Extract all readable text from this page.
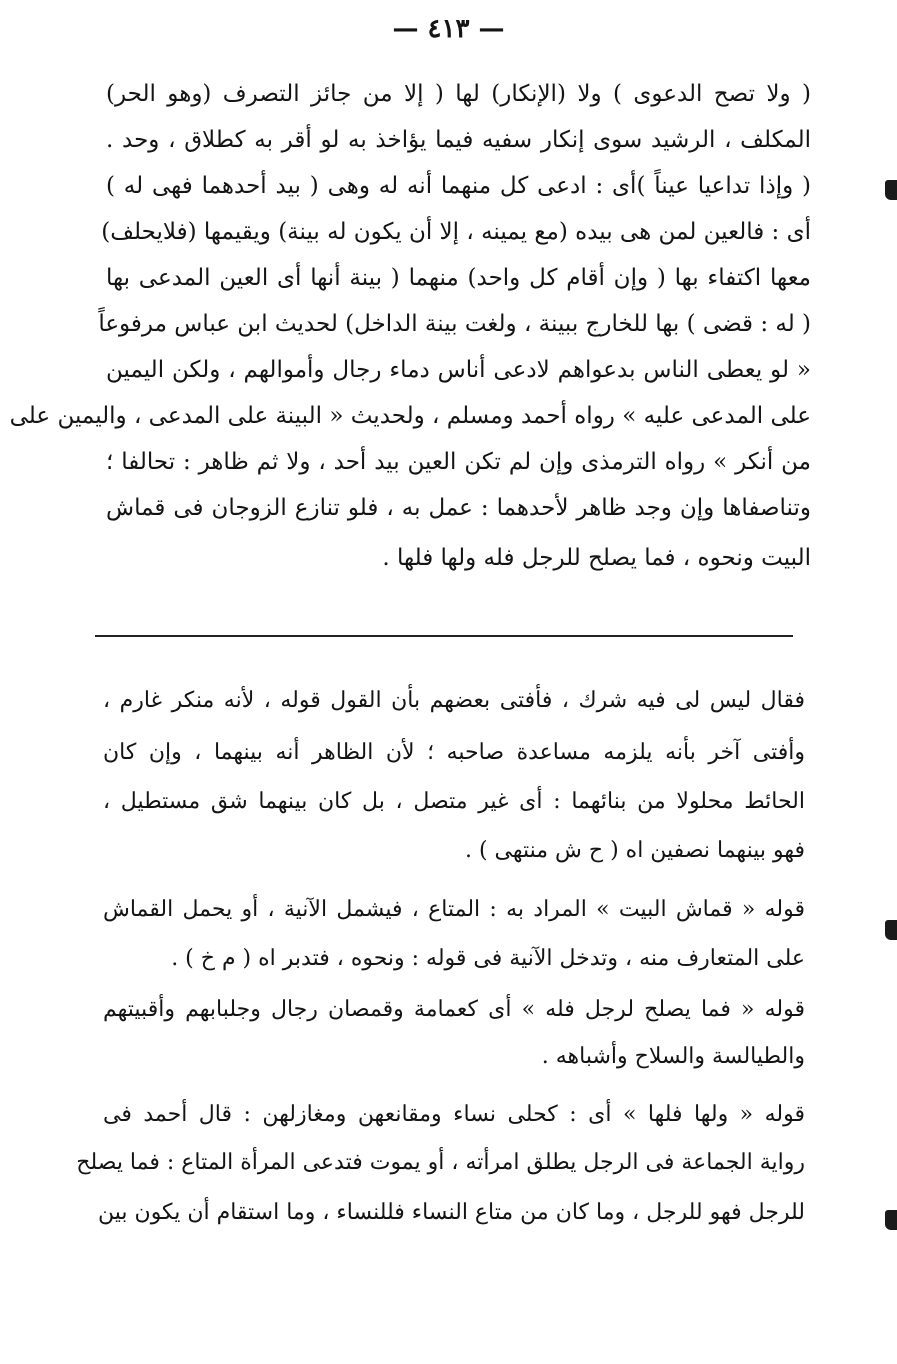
— ٤١٣ —
( ولا تصح الدعوى ) ولا (الإنكار) لها ( إلا من جائز التصرف (وهو الحر)
المكلف ، الرشيد سوى إنكار سفيه فيما يؤاخذ به لو أقر به كطلاق ، وحد .
( وإذا تداعيا عيناً )أى : ادعى كل منهما أنه له وهى ( بيد أحدهما فهى له )
أى : فالعين لمن هى بيده (مع يمينه ، إلا أن يكون له بينة) ويقيمها (فلايحلف)
معها اكتفاء بها ( وإن أقام كل واحد) منهما ( بينة أنها أى العين المدعى بها
( له : قضى ) بها للخارج ببينة ، ولغت بينة الداخل) لحديث ابن عباس مرفوعاً
« لو يعطى الناس بدعواهم لادعى أناس دماء رجال وأموالهم ، ولكن اليمين
على المدعى عليه » رواه أحمد ومسلم ، ولحديث « البينة على المدعى ، واليمين على
من أنكر » رواه الترمذى وإن لم تكن العين بيد أحد ، ولا ثم ظاهر : تحالفا ؛
وتناصفاها وإن وجد ظاهر لأحدهما : عمل به ، فلو تنازع الزوجان فى قماش
البيت ونحوه ، فما يصلح للرجل فله ولها فلها .
فقال ليس لى فيه شرك ، فأفتى بعضهم بأن القول قوله ، لأنه منكر غارم ،
وأفتى آخر بأنه يلزمه مساعدة صاحبه ؛ لأن الظاهر أنه بينهما ، وإن كان
الحائط محلولا من بنائهما : أى غير متصل ، بل كان بينهما شق مستطيل ،
فهو بينهما نصفين اه ( ح ش منتهى ) .
قوله « قماش البيت » المراد به : المتاع ، فيشمل الآنية ، أو يحمل القماش
على المتعارف منه ، وتدخل الآنية فى قوله : ونحوه ، فتدبر اه ( م خ ) .
قوله « فما يصلح لرجل فله » أى كعمامة وقمصان رجال وجلبابهم وأقبيتهم
والطيالسة والسلاح وأشباهه .
قوله « ولها فلها » أى : كحلى نساء ومقانعهن ومغازلهن : قال أحمد فى
رواية الجماعة فى الرجل يطلق امرأته ، أو يموت فتدعى المرأة المتاع : فما يصلح
للرجل فهو للرجل ، وما كان من متاع النساء فللنساء ، وما استقام أن يكون بين
